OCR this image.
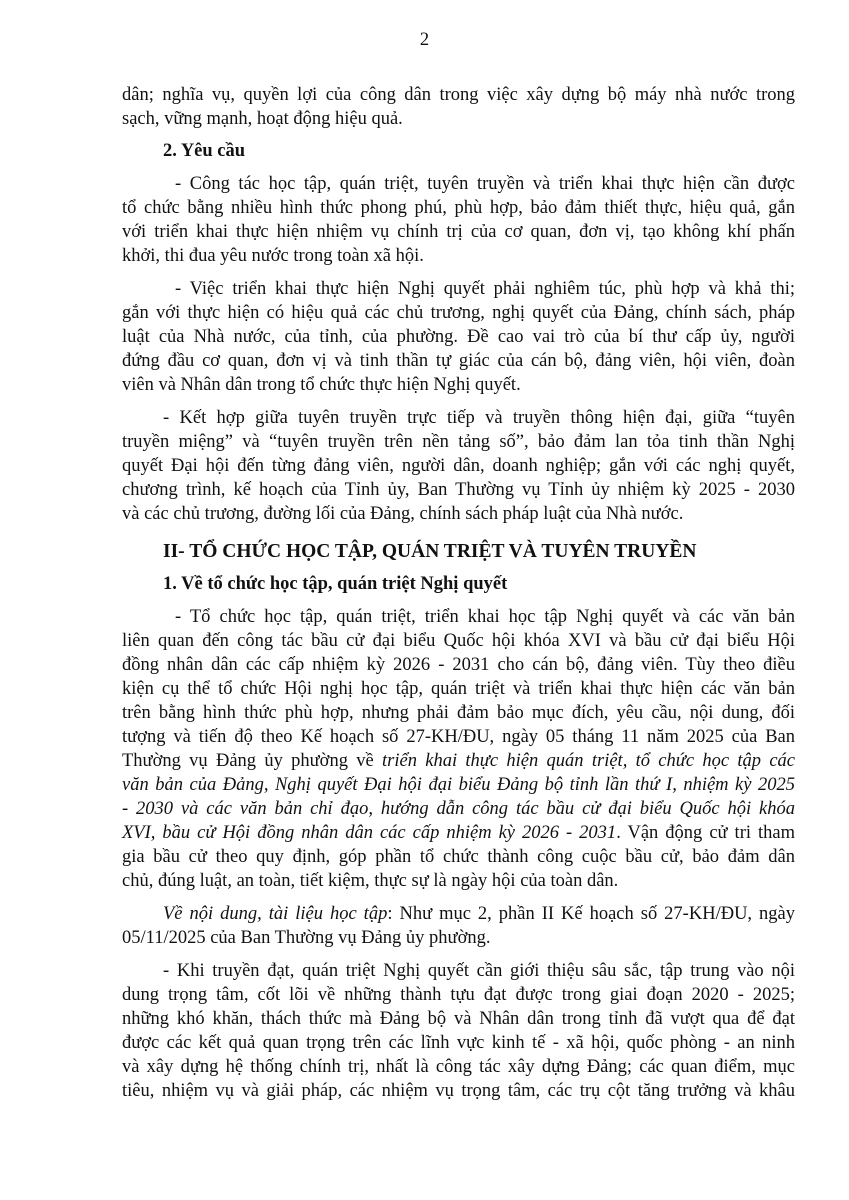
2
dân; nghĩa vụ, quyền lợi của công dân trong việc xây dựng bộ máy nhà nước trong
sạch, vững mạnh, hoạt động hiệu quả.
2. Yêu cầu
- Công tác học tập, quán triệt, tuyên truyền và triển khai thực hiện cần được
tổ chức bằng nhiều hình thức phong phú, phù hợp, bảo đảm thiết thực, hiệu quả, gắn
với triển khai thực hiện nhiệm vụ chính trị của cơ quan, đơn vị, tạo không khí phấn
khởi, thi đua yêu nước trong toàn xã hội.
- Việc triển khai thực hiện Nghị quyết phải nghiêm túc, phù hợp và khả thi;
gắn với thực hiện có hiệu quả các chủ trương, nghị quyết của Đảng, chính sách, pháp
luật của Nhà nước, của tỉnh, của phường. Đề cao vai trò của bí thư cấp ủy, người
đứng đầu cơ quan, đơn vị và tinh thần tự giác của cán bộ, đảng viên, hội viên, đoàn
viên và Nhân dân trong tổ chức thực hiện Nghị quyết.
- Kết hợp giữa tuyên truyền trực tiếp và truyền thông hiện đại, giữa “tuyên
truyền miệng” và “tuyên truyền trên nền tảng số”, bảo đảm lan tỏa tinh thần Nghị
quyết Đại hội đến từng đảng viên, người dân, doanh nghiệp; gắn với các nghị quyết,
chương trình, kế hoạch của Tỉnh ủy, Ban Thường vụ Tỉnh ủy nhiệm kỳ 2025 - 2030
và các chủ trương, đường lối của Đảng, chính sách pháp luật của Nhà nước.
II- TỔ CHỨC HỌC TẬP, QUÁN TRIỆT VÀ TUYÊN TRUYỀN
1. Về tổ chức học tập, quán triệt Nghị quyết
- Tổ chức học tập, quán triệt, triển khai học tập Nghị quyết và các văn bản
liên quan đến công tác bầu cử đại biểu Quốc hội khóa XVI và bầu cử đại biểu Hội
đồng nhân dân các cấp nhiệm kỳ 2026 - 2031 cho cán bộ, đảng viên. Tùy theo điều
kiện cụ thể tổ chức Hội nghị học tập, quán triệt và triển khai thực hiện các văn bản
trên bằng hình thức phù hợp, nhưng phải đảm bảo mục đích, yêu cầu, nội dung, đối
tượng và tiến độ theo Kế hoạch số 27-KH/ĐU, ngày 05 tháng 11 năm 2025 của Ban
Thường vụ Đảng ủy phường về triển khai thực hiện quán triệt, tổ chức học tập các
văn bản của Đảng, Nghị quyết Đại hội đại biểu Đảng bộ tỉnh lần thứ I, nhiệm kỳ 2025
- 2030 và các văn bản chỉ đạo, hướng dẫn công tác bầu cử đại biểu Quốc hội khóa
XVI, bầu cử Hội đồng nhân dân các cấp nhiệm kỳ 2026 - 2031. Vận động cử tri tham
gia bầu cử theo quy định, góp phần tổ chức thành công cuộc bầu cử, bảo đảm dân
chủ, đúng luật, an toàn, tiết kiệm, thực sự là ngày hội của toàn dân.
Về nội dung, tài liệu học tập: Như mục 2, phần II Kế hoạch số 27-KH/ĐU, ngày
05/11/2025 của Ban Thường vụ Đảng ủy phường.
- Khi truyền đạt, quán triệt Nghị quyết cần giới thiệu sâu sắc, tập trung vào nội
dung trọng tâm, cốt lõi về những thành tựu đạt được trong giai đoạn 2020 - 2025;
những khó khăn, thách thức mà Đảng bộ và Nhân dân trong tỉnh đã vượt qua để đạt
được các kết quả quan trọng trên các lĩnh vực kinh tế - xã hội, quốc phòng - an ninh
và xây dựng hệ thống chính trị, nhất là công tác xây dựng Đảng; các quan điểm, mục
tiêu, nhiệm vụ và giải pháp, các nhiệm vụ trọng tâm, các trụ cột tăng trưởng và khâu
